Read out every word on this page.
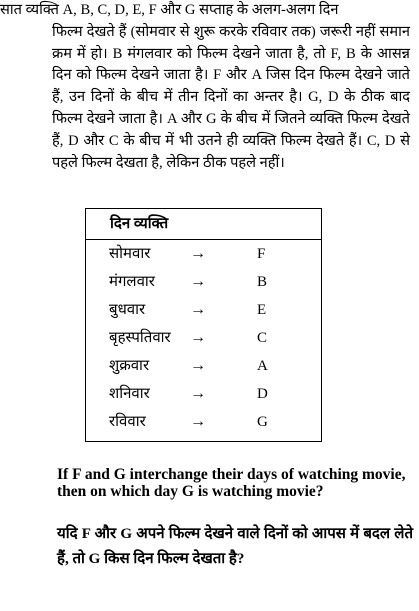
सात व्यक्ति A, B, C, D, E, F और G सप्ताह के अलग-अलग दिन
फिल्म देखते हैं (सोमवार से शुरू करके रविवार तक) जरूरी नहीं समान क्रम में हो। B मंगलवार को फिल्म देखने जाता है, तो F, B के आसन्न दिन को फिल्म देखने जाता है। F और A जिस दिन फिल्म देखने जाते हैं, उन दिनों के बीच में तीन दिनों का अन्तर है। G, D के ठीक बाद फिल्म देखने जाता है। A और G के बीच में जितने व्यक्ति फिल्म देखते हैं, D और C के बीच में भी उतने ही व्यक्ति फिल्म देखते हैं। C, D से पहले फिल्म देखता है, लेकिन ठीक पहले नहीं।
दिन व्यक्ति
सोमवार →	F
मंगलवार →	B
बुधवार	→	E
बृहस्पतिवार →	C
शुक्रवार	→	A
शनिवार	→	D
रविवार	→	G

If F and G interchange their days of watching movie, then on which day G is watching movie?

यदि F और G अपने फिल्म देखने वाले दिनों को आपस में बदल लेते हैं, तो G किस दिन फिल्म देखता है?
